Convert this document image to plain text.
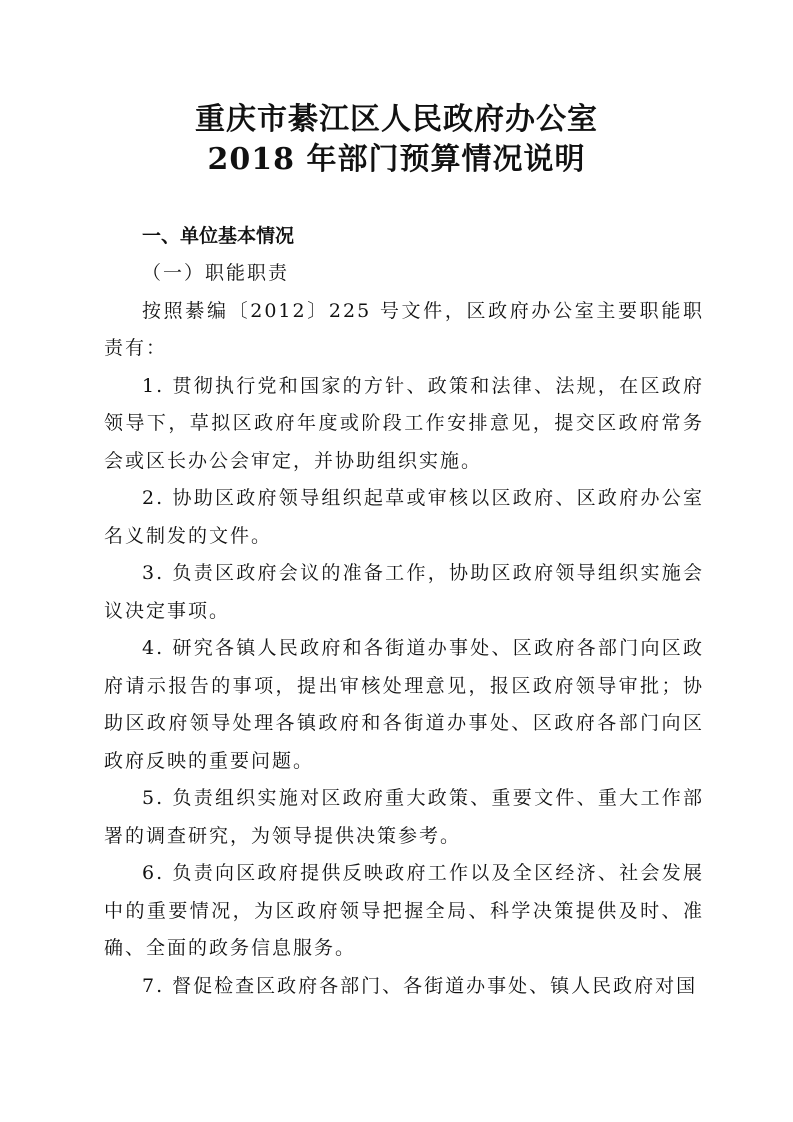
重庆市綦江区人民政府办公室
2018 年部门预算情况说明

一、单位基本情况

（一）职能职责

按照綦编〔2012〕225 号文件，区政府办公室主要职能职责有：

1. 贯彻执行党和国家的方针、政策和法律、法规，在区政府领导下，草拟区政府年度或阶段工作安排意见，提交区政府常务会或区长办公会审定，并协助组织实施。

2. 协助区政府领导组织起草或审核以区政府、区政府办公室名义制发的文件。

3. 负责区政府会议的准备工作，协助区政府领导组织实施会议决定事项。

4. 研究各镇人民政府和各街道办事处、区政府各部门向区政府请示报告的事项，提出审核处理意见，报区政府领导审批；协助区政府领导处理各镇政府和各街道办事处、区政府各部门向区政府反映的重要问题。

5. 负责组织实施对区政府重大政策、重要文件、重大工作部署的调查研究，为领导提供决策参考。

6. 负责向区政府提供反映政府工作以及全区经济、社会发展中的重要情况，为区政府领导把握全局、科学决策提供及时、准确、全面的政务信息服务。

7. 督促检查区政府各部门、各街道办事处、镇人民政府对国
